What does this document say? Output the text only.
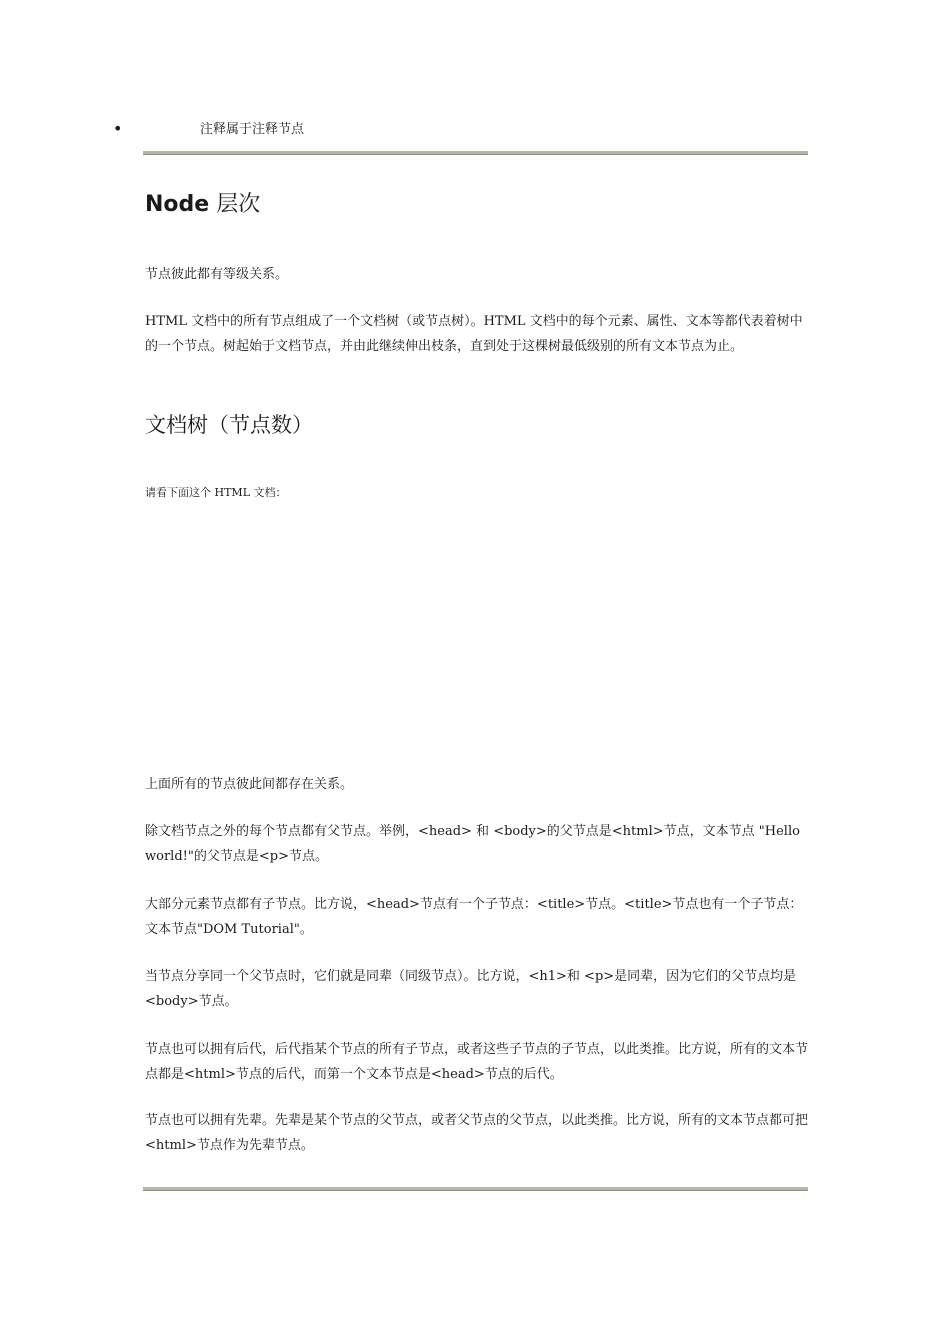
•	注释属于注释节点
Node 层次
节点彼此都有等级关系。
HTML 文档中的所有节点组成了一个文档树（或节点树）。HTML 文档中的每个元素、属性、文本等都代表着树中的一个节点。树起始于文档节点，并由此继续伸出枝条，直到处于这棵树最低级别的所有文本节点为止。
文档树（节点数）
请看下面这个 HTML 文档：
上面所有的节点彼此间都存在关系。
除文档节点之外的每个节点都有父节点。举例，<head> 和 <body>的父节点是<html>节点，文本节点 "Hello world!"的父节点是<p>节点。
大部分元素节点都有子节点。比方说，<head>节点有一个子节点：<title>节点。<title>节点也有一个子节点：文本节点"DOM Tutorial"。
当节点分享同一个父节点时，它们就是同辈（同级节点）。比方说，<h1>和 <p>是同辈，因为它们的父节点均是<body>节点。
节点也可以拥有后代，后代指某个节点的所有子节点，或者这些子节点的子节点，以此类推。比方说，所有的文本节点都是<html>节点的后代，而第一个文本节点是<head>节点的后代。
节点也可以拥有先辈。先辈是某个节点的父节点，或者父节点的父节点，以此类推。比方说，所有的文本节点都可把<html>节点作为先辈节点。
